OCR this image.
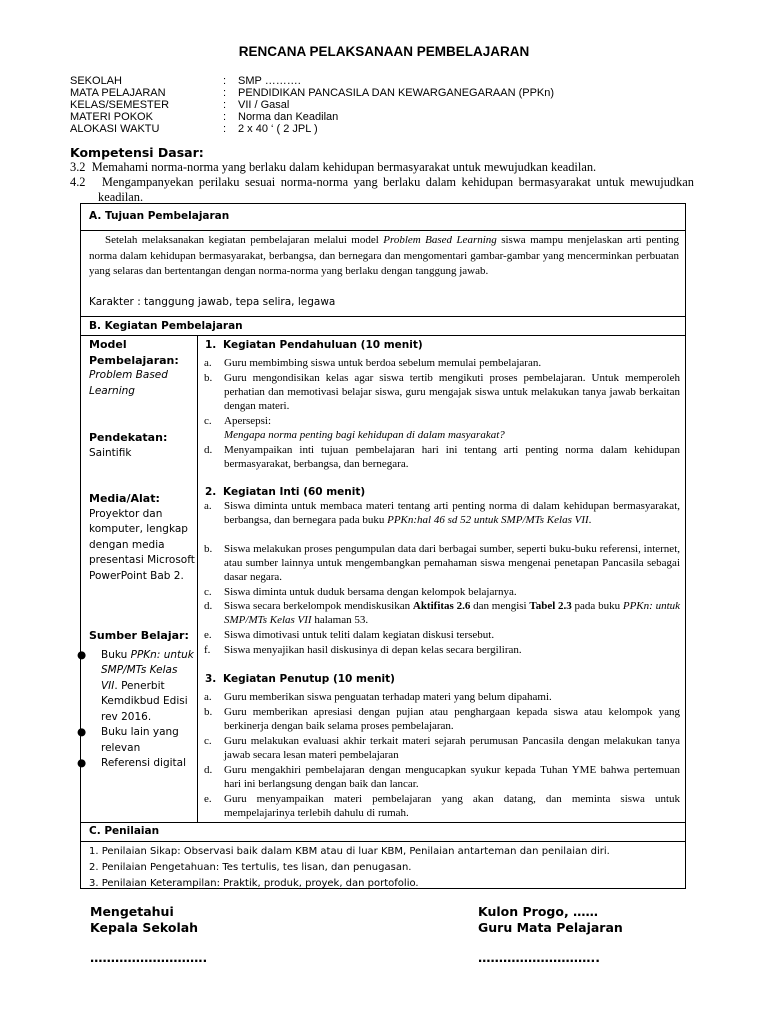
RENCANA PELAKSANAAN PEMBELAJARAN
SEKOLAH	: SMP ……….
MATA PELAJARAN	: PENDIDIKAN PANCASILA DAN KEWARGANEGARAAN (PPKn)
KELAS/SEMESTER	: VII / Gasal
MATERI POKOK	: Norma dan Keadilan
ALOKASI WAKTU	: 2 x 40 ‘ ( 2 JPL )
Kompetensi Dasar:
3.2 Memahami norma-norma yang berlaku dalam kehidupan bermasyarakat untuk mewujudkan keadilan.
4.2 Mengampanyekan perilaku sesuai norma-norma yang berlaku dalam kehidupan bermasyarakat untuk mewujudkan keadilan.
A. Tujuan Pembelajaran
Setelah melaksanakan kegiatan pembelajaran melalui model Problem Based Learning siswa mampu menjelaskan arti penting norma dalam kehidupan bermasyarakat, berbangsa, dan bernegara dan mengomentari gambar-gambar yang mencerminkan perbuatan yang selaras dan bertentangan dengan norma-norma yang berlaku dengan tanggung jawab.
Karakter : tanggung jawab, tepa selira, legawa
B. Kegiatan Pembelajaran
Model Pembelajaran:
Problem Based Learning
Pendekatan:
Saintifik
Media/Alat:
Proyektor dan komputer, lengkap dengan media presentasi Microsoft PowerPoint Bab 2.
Sumber Belajar:
● Buku PPKn: untuk SMP/MTs Kelas VII. Penerbit Kemdikbud Edisi rev 2016.
● Buku lain yang relevan
● Referensi digital
1. Kegiatan Pendahuluan (10 menit)
a.	Guru membimbing siswa untuk berdoa sebelum memulai pembelajaran.
b.	Guru mengondisikan kelas agar siswa tertib mengikuti proses pembelajaran. Untuk memperoleh perhatian dan memotivasi belajar siswa, guru mengajak siswa untuk melakukan tanya jawab berkaitan dengan materi.
c.	Apersepsi:
Mengapa norma penting bagi kehidupan di dalam masyarakat?
d.	Menyampaikan inti tujuan pembelajaran hari ini tentang arti penting norma dalam kehidupan bermasyarakat, berbangsa, dan bernegara.
2. Kegiatan Inti (60 menit)
a.	Siswa diminta untuk membaca materi tentang arti penting norma di dalam kehidupan bermasyarakat, berbangsa, dan bernegara pada buku PPKn:hal 46 sd 52 untuk SMP/MTs Kelas VII.
b.	Siswa melakukan proses pengumpulan data dari berbagai sumber, seperti buku-buku referensi, internet, atau sumber lainnya untuk mengembangkan pemahaman siswa mengenai penetapan Pancasila sebagai dasar negara.
c.	Siswa diminta untuk duduk bersama dengan kelompok belajarnya.
d.	Siswa secara berkelompok mendiskusikan Aktifitas 2.6 dan mengisi Tabel 2.3 pada buku PPKn: untuk SMP/MTs Kelas VII halaman 53.
e.	Siswa dimotivasi untuk teliti dalam kegiatan diskusi tersebut.
f.	Siswa menyajikan hasil diskusinya di depan kelas secara bergiliran.
3. Kegiatan Penutup (10 menit)
a.	Guru memberikan siswa penguatan terhadap materi yang belum dipahami.
b.	Guru memberikan apresiasi dengan pujian atau penghargaan kepada siswa atau kelompok yang berkinerja dengan baik selama proses pembelajaran.
c.	Guru melakukan evaluasi akhir terkait materi sejarah perumusan Pancasila dengan melakukan tanya jawab secara lesan materi pembelajaran
d.	Guru mengakhiri pembelajaran dengan mengucapkan syukur kepada Tuhan YME bahwa pertemuan hari ini berlangsung dengan baik dan lancar.
e.	Guru menyampaikan materi pembelajaran yang akan datang, dan meminta siswa untuk mempelajarinya terlebih dahulu di rumah.
C. Penilaian
1. Penilaian Sikap: Observasi baik dalam KBM atau di luar KBM, Penilaian antarteman dan penilaian diri.
2. Penilaian Pengetahuan: Tes tertulis, tes lisan, dan penugasan.
3. Penilaian Keterampilan: Praktik, produk, proyek, dan portofolio.
Mengetahui
Kepala Sekolah
……………………….
Kulon Progo, ……
Guru Mata Pelajaran
………………………..
